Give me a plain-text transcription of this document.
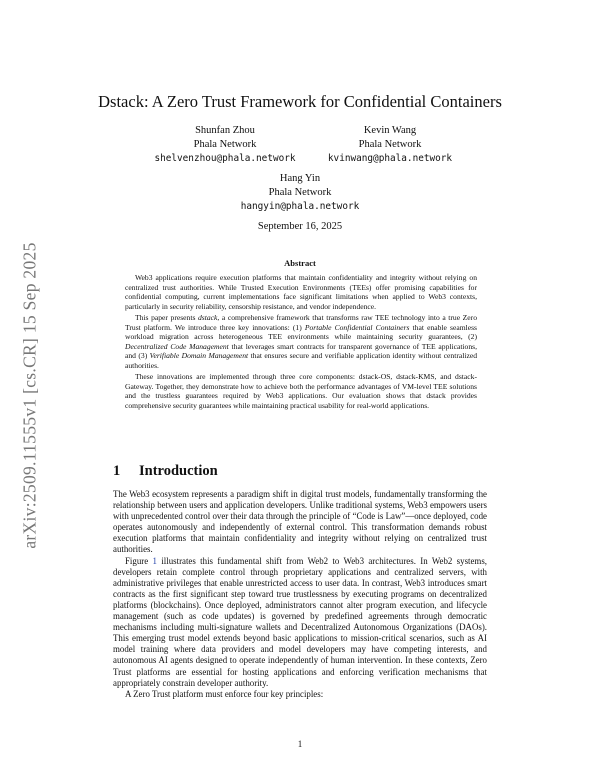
arXiv:2509.11555v1 [cs.CR] 15 Sep 2025
Dstack: A Zero Trust Framework for Confidential Containers
Shunfan Zhou
Phala Network
shelvenzhou@phala.network
Kevin Wang
Phala Network
kvinwang@phala.network
Hang Yin
Phala Network
hangyin@phala.network
September 16, 2025
Abstract

Web3 applications require execution platforms that maintain confidentiality and integrity without relying on centralized trust authorities. While Trusted Execution Environments (TEEs) offer promising capabilities for confidential computing, current implementations face significant limitations when applied to Web3 contexts, particularly in security reliability, censorship resistance, and vendor independence.

This paper presents dstack, a comprehensive framework that transforms raw TEE technology into a true Zero Trust platform. We introduce three key innovations: (1) Portable Confidential Containers that enable seamless workload migration across heterogeneous TEE environments while maintaining security guarantees, (2) Decentralized Code Management that leverages smart contracts for transparent governance of TEE applications, and (3) Verifiable Domain Management that ensures secure and verifiable application identity without centralized authorities.

These innovations are implemented through three core components: dstack-OS, dstack-KMS, and dstack-Gateway. Together, they demonstrate how to achieve both the performance advantages of VM-level TEE solutions and the trustless guarantees required by Web3 applications. Our evaluation shows that dstack provides comprehensive security guarantees while maintaining practical usability for real-world applications.

1 Introduction

The Web3 ecosystem represents a paradigm shift in digital trust models, fundamentally transforming the relationship between users and application developers. Unlike traditional systems, Web3 empowers users with unprecedented control over their data through the principle of “Code is Law”—once deployed, code operates autonomously and independently of external control. This transformation demands robust execution platforms that maintain confidentiality and integrity without relying on centralized trust authorities.

Figure 1 illustrates this fundamental shift from Web2 to Web3 architectures. In Web2 systems, developers retain complete control through proprietary applications and centralized servers, with administrative privileges that enable unrestricted access to user data. In contrast, Web3 introduces smart contracts as the first significant step toward true trustlessness by executing programs on decentralized platforms (blockchains). Once deployed, administrators cannot alter program execution, and lifecycle management (such as code updates) is governed by predefined agreements through democratic mechanisms including multi-signature wallets and Decentralized Autonomous Organizations (DAOs). This emerging trust model extends beyond basic applications to mission-critical scenarios, such as AI model training where data providers and model developers may have competing interests, and autonomous AI agents designed to operate independently of human intervention. In these contexts, Zero Trust platforms are essential for hosting applications and enforcing verification mechanisms that appropriately constrain developer authority.

A Zero Trust platform must enforce four key principles:

1
